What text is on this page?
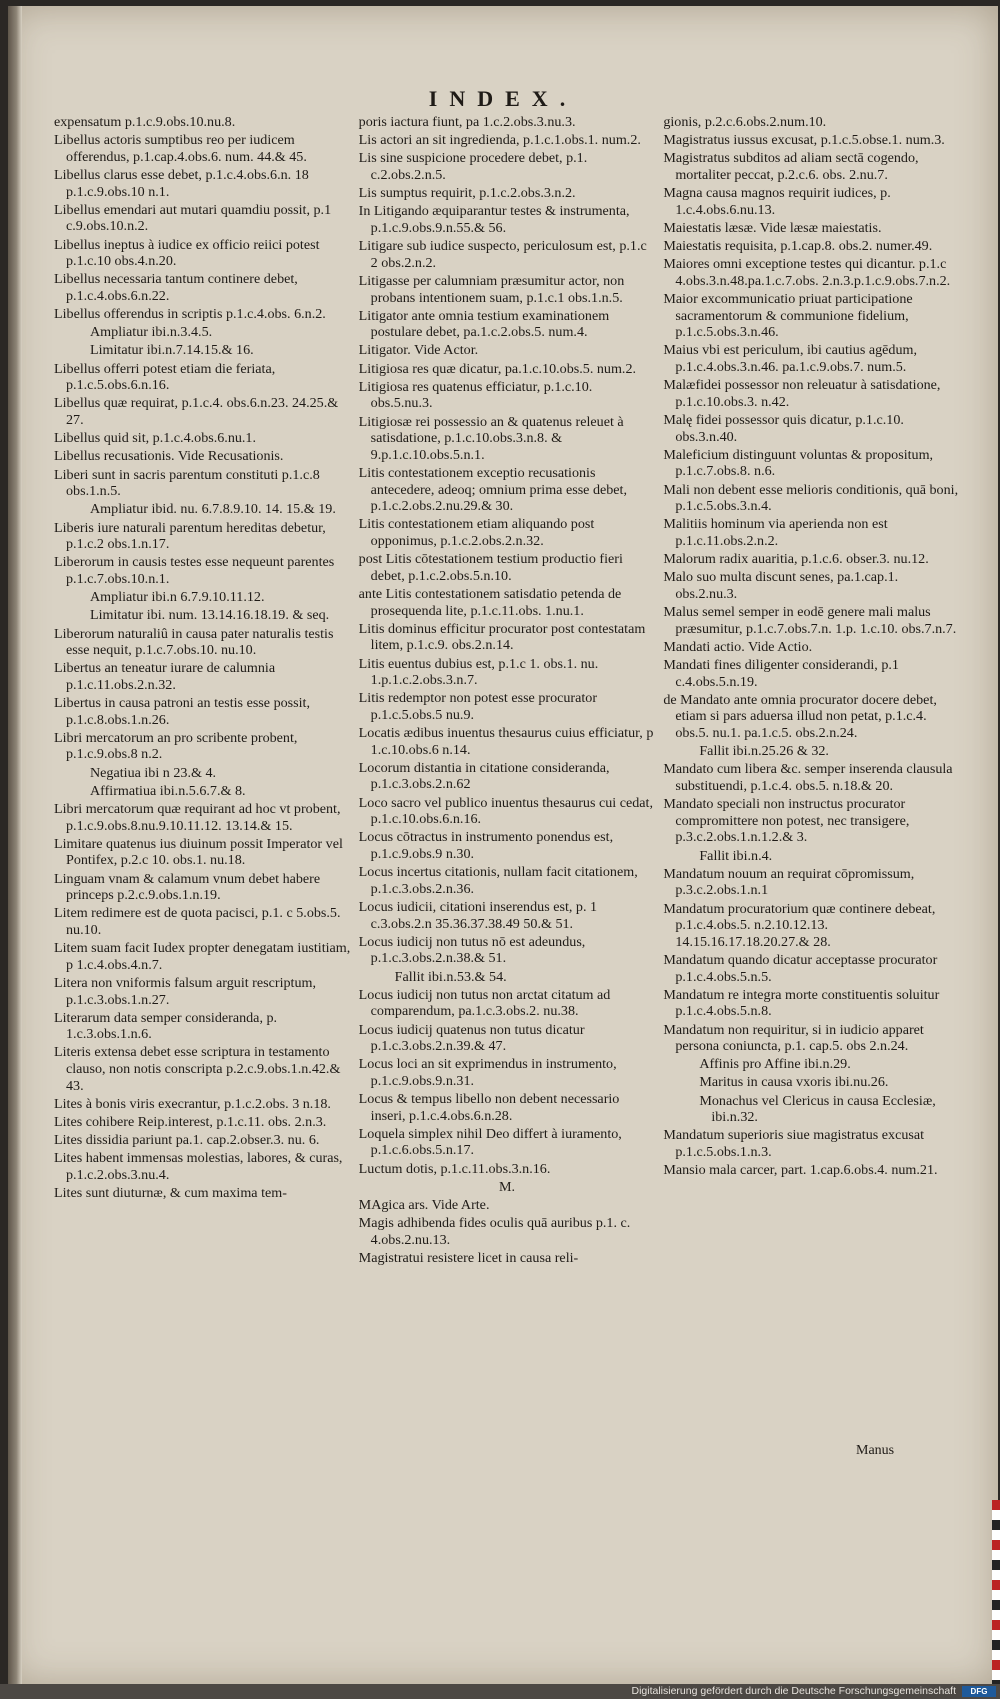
INDEX.
expensatum p.1.c.9.obs.10.nu.8.
Libellus actoris sumptibus reo per iudicem offerendus, p.1.cap.4.obs.6. num. 44.& 45.
Libellus clarus esse debet, p.1.c.4.obs.6.n. 18 p.1.c.9.obs.10 n.1.
Libellus emendari aut mutari quamdiu possit, p.1 c.9.obs.10.n.2.
Libellus ineptus à iudice ex officio reiici potest p.1.c.10 obs.4.n.20.
Libellus necessaria tantum continere debet, p.1.c.4.obs.6.n.22.
Libellus offerendus in scriptis p.1.c.4.obs. 6.n.2.
Ampliatur ibi.n.3.4.5.
Limitatur ibi.n.7.14.15.& 16.
Libellus offerri potest etiam die feriata, p.1.c.5.obs.6.n.16.
Libellus quæ requirat, p.1.c.4. obs.6.n.23. 24.25.& 27.
Libellus quid sit, p.1.c.4.obs.6.nu.1.
Libellus recusationis. Vide Recusationis.
Liberi sunt in sacris parentum constituti p.1.c.8 obs.1.n.5.
Ampliatur ibid. nu. 6.7.8.9.10. 14. 15.& 19.
Liberis iure naturali parentum hereditas debetur, p.1.c.2 obs.1.n.17.
Liberorum in causis testes esse nequeunt parentes p.1.c.7.obs.10.n.1.
Ampliatur ibi.n 6.7.9.10.11.12.
Limitatur ibi. num. 13.14.16.18.19. & seq.
Liberorum naturaliû in causa pater naturalis testis esse nequit, p.1.c.7.obs.10. nu.10.
Libertus an teneatur iurare de calumnia p.1.c.11.obs.2.n.32.
Libertus in causa patroni an testis esse possit, p.1.c.8.obs.1.n.26.
Libri mercatorum an pro scribente probent, p.1.c.9.obs.8 n.2.
Negatiua ibi n 23.& 4.
Affirmatiua ibi.n.5.6.7.& 8.
Libri mercatorum quæ requirant ad hoc vt probent, p.1.c.9.obs.8.nu.9.10.11.12. 13.14.& 15.
Limitare quatenus ius diuinum possit Imperator vel Pontifex, p.2.c 10. obs.1. nu.18.
Linguam vnam & calamum vnum debet habere princeps p.2.c.9.obs.1.n.19.
Litem redimere est de quota pacisci, p.1. c 5.obs.5. nu.10.
Litem suam facit Iudex propter denegatam iustitiam, p 1.c.4.obs.4.n.7.
Litera non vniformis falsum arguit rescriptum, p.1.c.3.obs.1.n.27.
Literarum data semper consideranda, p. 1.c.3.obs.1.n.6.
Literis extensa debet esse scriptura in testamento clauso, non notis conscripta p.2.c.9.obs.1.n.42.& 43.
Lites à bonis viris execrantur, p.1.c.2.obs. 3 n.18.
Lites cohibere Reip.interest, p.1.c.11. obs. 2.n.3.
Lites dissidia pariunt pa.1. cap.2.obser.3. nu. 6.
Lites habent immensas molestias, labores, & curas, p.1.c.2.obs.3.nu.4.
Lites sunt diuturnæ, & cum maxima tem-
poris iactura fiunt, pa 1.c.2.obs.3.nu.3.
Lis actori an sit ingredienda, p.1.c.1.obs.1. num.2.
Lis sine suspicione procedere debet, p.1. c.2.obs.2.n.5.
Lis sumptus requirit, p.1.c.2.obs.3.n.2.
In Litigando æquiparantur testes & instrumenta, p.1.c.9.obs.9.n.55.& 56.
Litigare sub iudice suspecto, periculosum est, p.1.c 2 obs.2.n.2.
Litigasse per calumniam præsumitur actor, non probans intentionem suam, p.1.c.1 obs.1.n.5.
Litigator ante omnia testium examinationem postulare debet, pa.1.c.2.obs.5. num.4.
Litigator. Vide Actor.
Litigiosa res quæ dicatur, pa.1.c.10.obs.5. num.2.
Litigiosa res quatenus efficiatur, p.1.c.10. obs.5.nu.3.
Litigiosæ rei possessio an & quatenus releuet à satisdatione, p.1.c.10.obs.3.n.8. & 9.p.1.c.10.obs.5.n.1.
Litis contestationem exceptio recusationis antecedere, adeoq; omnium prima esse debet, p.1.c.2.obs.2.nu.29.& 30.
Litis contestationem etiam aliquando post opponimus, p.1.c.2.obs.2.n.32.
post Litis cōtestationem testium productio fieri debet, p.1.c.2.obs.5.n.10.
ante Litis contestationem satisdatio petenda de prosequenda lite, p.1.c.11.obs. 1.nu.1.
Litis dominus efficitur procurator post contestatam litem, p.1.c.9. obs.2.n.14.
Litis euentus dubius est, p.1.c 1. obs.1. nu. 1.p.1.c.2.obs.3.n.7.
Litis redemptor non potest esse procurator p.1.c.5.obs.5 nu.9.
Locatis ædibus inuentus thesaurus cuius efficiatur, p 1.c.10.obs.6 n.14.
Locorum distantia in citatione consideranda, p.1.c.3.obs.2.n.62
Loco sacro vel publico inuentus thesaurus cui cedat, p.1.c.10.obs.6.n.16.
Locus cōtractus in instrumento ponendus est, p.1.c.9.obs.9 n.30.
Locus incertus citationis, nullam facit citationem, p.1.c.3.obs.2.n.36.
Locus iudicii, citationi inserendus est, p. 1 c.3.obs.2.n 35.36.37.38.49 50.& 51.
Locus iudicij non tutus nō est adeundus, p.1.c.3.obs.2.n.38.& 51.
Fallit ibi.n.53.& 54.
Locus iudicij non tutus non arctat citatum ad comparendum, pa.1.c.3.obs.2. nu.38.
Locus iudicij quatenus non tutus dicatur p.1.c.3.obs.2.n.39.& 47.
Locus loci an sit exprimendus in instrumento, p.1.c.9.obs.9.n.31.
Locus & tempus libello non debent necessario inseri, p.1.c.4.obs.6.n.28.
Loquela simplex nihil Deo differt à iuramento, p.1.c.6.obs.5.n.17.
Luctum dotis, p.1.c.11.obs.3.n.16.
M.
MAgica ars. Vide Arte.
Magis adhibenda fides oculis quā auribus p.1. c. 4.obs.2.nu.13.
Magistratui resistere licet in causa reli-
gionis, p.2.c.6.obs.2.num.10.
Magistratus iussus excusat, p.1.c.5.obse.1. num.3.
Magistratus subditos ad aliam sectā cogendo, mortaliter peccat, p.2.c.6. obs. 2.nu.7.
Magna causa magnos requirit iudices, p. 1.c.4.obs.6.nu.13.
Maiestatis læsæ. Vide læsæ maiestatis.
Maiestatis requisita, p.1.cap.8. obs.2. numer.49.
Maiores omni exceptione testes qui dicantur. p.1.c 4.obs.3.n.48.pa.1.c.7.obs. 2.n.3.p.1.c.9.obs.7.n.2.
Maior excommunicatio priuat participatione sacramentorum & communione fidelium, p.1.c.5.obs.3.n.46.
Maius vbi est periculum, ibi cautius agēdum, p.1.c.4.obs.3.n.46. pa.1.c.9.obs.7. num.5.
Malæfidei possessor non releuatur à satisdatione, p.1.c.10.obs.3. n.42.
Malę fidei possessor quis dicatur, p.1.c.10. obs.3.n.40.
Maleficium distinguunt voluntas & propositum, p.1.c.7.obs.8. n.6.
Mali non debent esse melioris conditionis, quā boni, p.1.c.5.obs.3.n.4.
Malitiis hominum via aperienda non est p.1.c.11.obs.2.n.2.
Malorum radix auaritia, p.1.c.6. obser.3. nu.12.
Malo suo multa discunt senes, pa.1.cap.1. obs.2.nu.3.
Malus semel semper in eodē genere mali malus præsumitur, p.1.c.7.obs.7.n. 1.p. 1.c.10. obs.7.n.7.
Mandati actio. Vide Actio.
Mandati fines diligenter considerandi, p.1 c.4.obs.5.n.19.
de Mandato ante omnia procurator docere debet, etiam si pars aduersa illud non petat, p.1.c.4. obs.5. nu.1. pa.1.c.5. obs.2.n.24.
Fallit ibi.n.25.26 & 32.
Mandato cum libera &c. semper inserenda clausula substituendi, p.1.c.4. obs.5. n.18.& 20.
Mandato speciali non instructus procurator compromittere non potest, nec transigere, p.3.c.2.obs.1.n.1.2.& 3.
Fallit ibi.n.4.
Mandatum nouum an requirat cōpromissum, p.3.c.2.obs.1.n.1
Mandatum procuratorium quæ continere debeat, p.1.c.4.obs.5. n.2.10.12.13. 14.15.16.17.18.20.27.& 28.
Mandatum quando dicatur acceptasse procurator p.1.c.4.obs.5.n.5.
Mandatum re integra morte constituentis soluitur p.1.c.4.obs.5.n.8.
Mandatum non requiritur, si in iudicio apparet persona coniuncta, p.1. cap.5. obs 2.n.24.
Affinis pro Affine ibi.n.29.
Maritus in causa vxoris ibi.nu.26.
Monachus vel Clericus in causa Ecclesiæ, ibi.n.32.
Mandatum superioris siue magistratus excusat p.1.c.5.obs.1.n.3.
Mansio mala carcer, part. 1.cap.6.obs.4. num.21.
Manus
Digitalisierung gefördert durch die Deutsche Forschungsgemeinschaft	DFG
